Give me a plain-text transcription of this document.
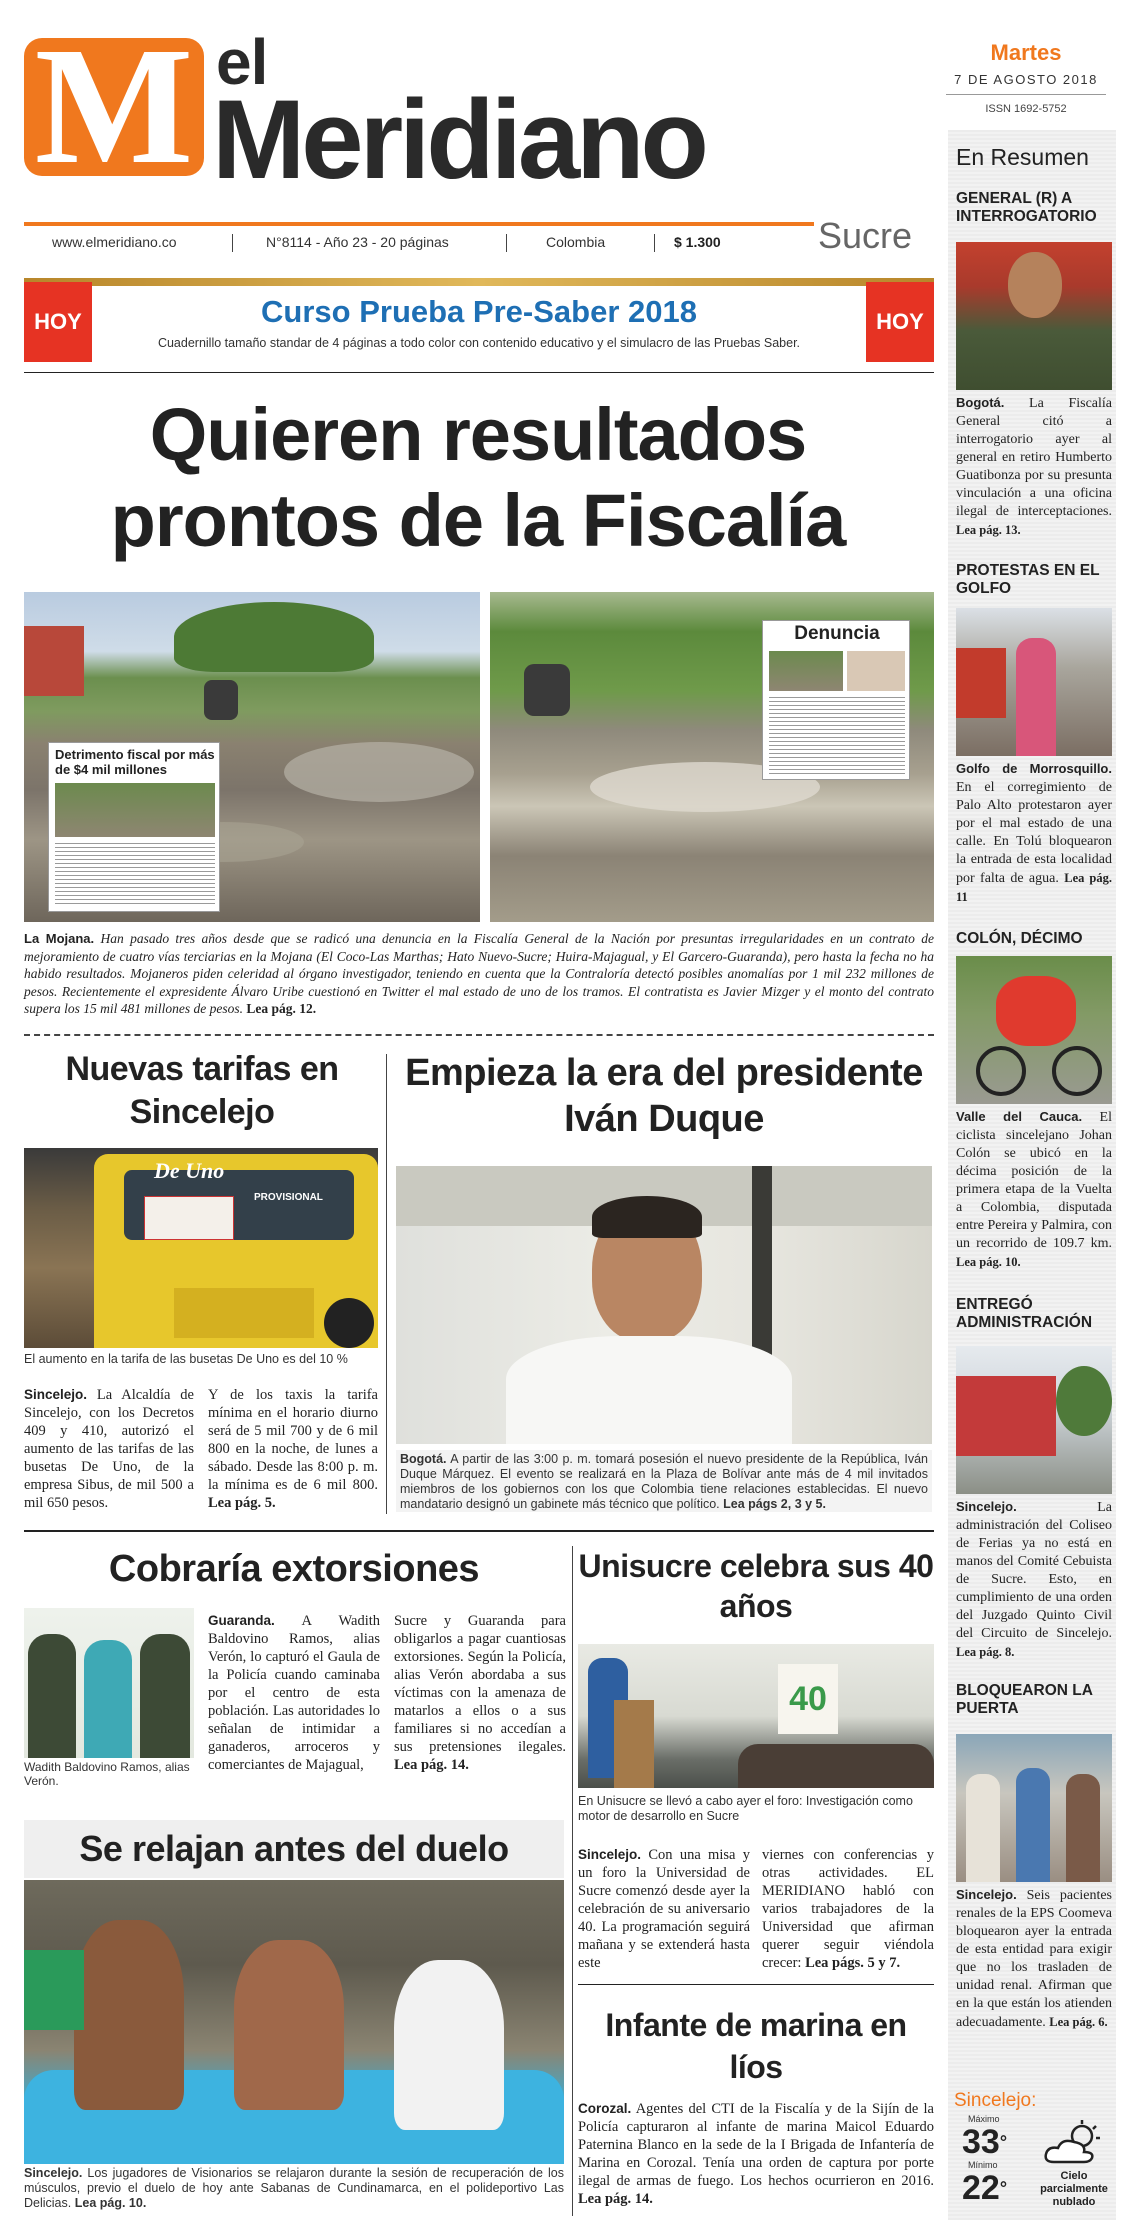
M el
Meridiano
Sucre
Martes
7 DE AGOSTO 2018
ISSN 1692-5752
www.elmeridiano.co	N°8114 - Año 23 - 20 páginas	Colombia	$ 1.300
HOY	HOY
Curso Prueba Pre-Saber 2018
Cuadernillo tamaño standar de 4 páginas a todo color con contenido educativo y el simulacro de las Pruebas Saber.
Quieren resultados prontos de la Fiscalía
Detrimento fiscal por más de $4 mil millones
Denuncia
La Mojana. Han pasado tres años desde que se radicó una denuncia en la Fiscalía General de la Nación por presuntas irregularidades en un contrato de mejoramiento de cuatro vías terciarias en la Mojana (El Coco-Las Marthas; Hato Nuevo-Sucre; Huira-Majagual, y El Garcero-Guaranda), pero hasta la fecha no ha habido resultados. Mojaneros piden celeridad al órgano investigador, teniendo en cuenta que la Contraloría detectó posibles anomalías por 1 mil 232 millones de pesos. Recientemente el expresidente Álvaro Uribe cuestionó en Twitter el mal estado de uno de los tramos. El contratista es Javier Mizger y el monto del contrato supera los 15 mil 481 millones de pesos. Lea pág. 12.
Nuevas tarifas en Sincelejo
De Uno
PROVISIONAL
El aumento en la tarifa de las busetas De Uno es del 10 %
Sincelejo. La Alcaldía de Sincelejo, con los Decretos 409 y 410, autorizó el aumento de las tarifas de las busetas De Uno, de la empresa Sibus, de mil 500 a mil 650 pesos.
Y de los taxis la tarifa mínima en el horario diurno será de 5 mil 700 y de 6 mil 800 en la noche, de lunes a sábado. Desde las 8:00 p. m. la mínima es de 6 mil 800. Lea pág. 5.
Empieza la era del presidente Iván Duque
Bogotá. A partir de las 3:00 p. m. tomará posesión el nuevo presidente de la República, Iván Duque Márquez. El evento se realizará en la Plaza de Bolívar ante más de 4 mil invitados miembros de los gobiernos con los que Colombia tiene relaciones establecidas. El nuevo mandatario designó un gabinete más técnico que político. Lea págs 2, 3 y 5.
Cobraría extorsiones
Wadith Baldovino Ramos, alias Verón.
Guaranda. A Wadith Baldovino Ramos, alias Verón, lo capturó el Gaula de la Policía cuando caminaba por el centro de esta población. Las autoridades lo señalan de intimidar a ganaderos, arroceros y comerciantes de Majagual,
Sucre y Guaranda para obligarlos a pagar cuantiosas extorsiones. Según la Policía, alias Verón abordaba a sus víctimas con la amenaza de matarlos a ellos o a sus familiares si no accedían a sus pretensiones ilegales. Lea pág. 14.
Se relajan antes del duelo
Sincelejo. Los jugadores de Visionarios se relajaron durante la sesión de recuperación de los músculos, previo el duelo de hoy ante Sabanas de Cundinamarca, en el polideportivo Las Delicias. Lea pág. 10.
Unisucre celebra sus 40 años
40
En Unisucre se llevó a cabo ayer el foro: Investigación como motor de desarrollo en Sucre
Sincelejo. Con una misa y un foro la Universidad de Sucre comenzó desde ayer la celebración de su aniversario 40. La programación seguirá mañana y se extenderá hasta este
viernes con conferencias y otras actividades. EL MERIDIANO habló con varios trabajadores de la Universidad que afirman querer seguir viéndola crecer: Lea págs. 5 y 7.
Infante de marina en líos
Corozal. Agentes del CTI de la Fiscalía y de la Sijín de la Policía capturaron al infante de marina Maicol Eduardo Paternina Blanco en la sede de la I Brigada de Infantería de Marina en Corozal. Tenía una orden de captura por porte ilegal de armas de fuego. Los hechos ocurrieron en 2016. Lea pág. 14.
En Resumen
GENERAL (R) A INTERROGATORIO
Bogotá. La Fiscalía General citó a interrogatorio ayer al general en retiro Humberto Guatibonza por su presunta vinculación a una oficina ilegal de interceptaciones. Lea pág. 13.
PROTESTAS EN EL GOLFO
Golfo de Morrosquillo. En el corregimiento de Palo Alto protestaron ayer por el mal estado de una calle. En Tolú bloquearon la entrada de esta localidad por falta de agua. Lea pág. 11
COLÓN, DÉCIMO
Valle del Cauca. El ciclista sincelejano Johan Colón se ubicó en la décima posición de la primera etapa de la Vuelta a Colombia, disputada entre Pereira y Palmira, con un recorrido de 109.7 km. Lea pág. 10.
ENTREGÓ ADMINISTRACIÓN
Sincelejo.	La administración del Coliseo de Ferias ya no está en manos del Comité Cebuista de Sucre. Esto, en cumplimiento de una orden del Juzgado Quinto Civil del Circuito de Sincelejo. Lea pág. 8.
BLOQUEARON LA PUERTA
Sincelejo. Seis pacientes renales de la EPS Coomeva bloquearon ayer la entrada de esta entidad para exigir que no los trasladen de unidad renal. Afirman que en la que están los atienden adecuadamente. Lea pág. 6.
Sincelejo:
Máximo
33°
Mínimo
22°
Cielo parcialmente nublado
